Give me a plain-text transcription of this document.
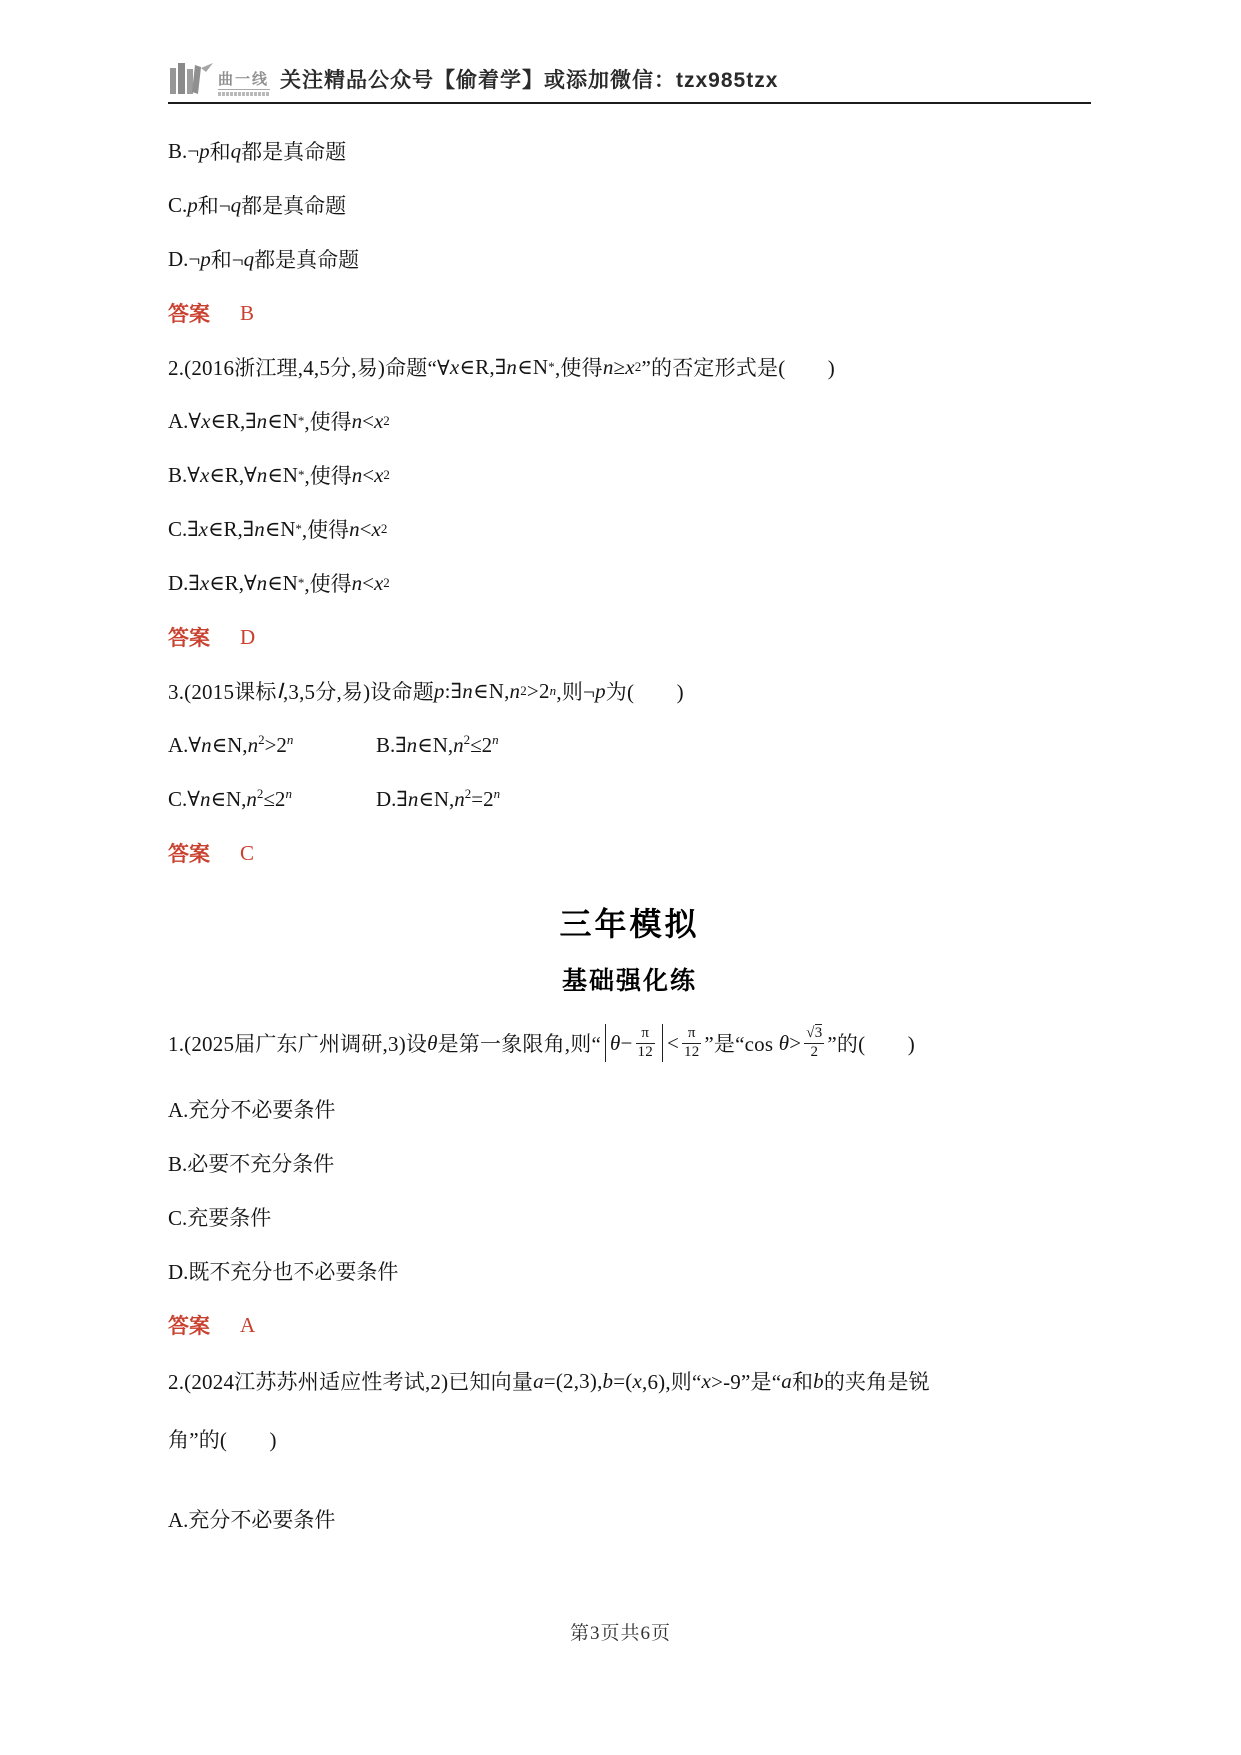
曲一线 关注精品公众号【偷着学】或添加微信：tzx985tzx
B.¬ p 和 q 都是真命题
C. p 和¬ q 都是真命题
D.¬ p 和¬ q 都是真命题
答案 B
2.(2016浙江理,4,5分,易)命题“∀ x ∈R,∃ n ∈N * ,使得 n ≥ x 2 ”的否定形式是(  )
A.∀ x ∈R,∃ n ∈N * ,使得 n < x 2
B.∀ x ∈R,∀ n ∈N * ,使得 n < x 2
C.∃ x ∈R,∃ n ∈N * ,使得 n < x 2
D.∃ x ∈R,∀ n ∈N * ,使得 n < x 2
答案 D
3.(2015课标 Ⅰ ,3,5分,易)设命题 p :∃ n ∈N, n 2 >2 n ,则¬ p 为(  )
$A.\forall n\in N,n^2>2^n$	$B.\exists n\in N,n^2\le 2^n$
$C.\forall n\in N,n^2\le 2^n$	$D.\exists n\in N,n^2=2^n$
答案 C
三年模拟
基础强化练
1.(2025届广东广州调研,3)设 θ 是第一象限角,则“ $\theta - \frac{\pi}{12} < \frac{\pi}{12}$ ”是“cos $\theta > \frac{√3}{2}$ ”的(  )
A.充分不必要条件
B.必要不充分条件
C.充要条件
D.既不充分也不必要条件
答案 A
2.(2024江苏苏州适应性考试,2)已知向量 a =(2,3), b =( x ,6),则“ x >-9”是“ a 和 b 的夹角是锐
角”的(  )
A.充分不必要条件
第3页共6页
